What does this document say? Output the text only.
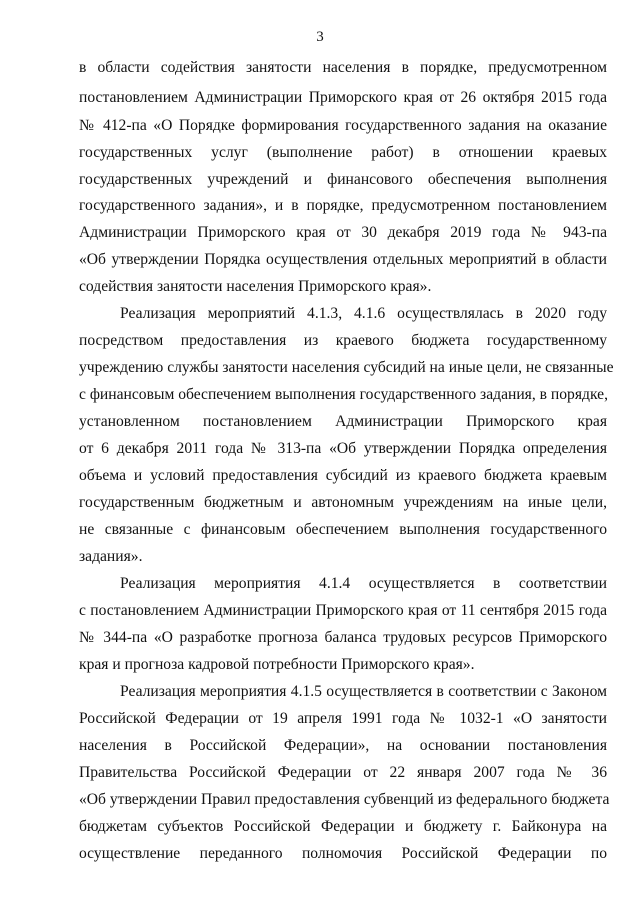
3
в области содействия занятости населения в порядке, предусмотренном
постановлением Администрации Приморского края от 26 октября 2015 года
№ 412-па «О Порядке формирования государственного задания на оказание
государственных услуг (выполнение работ) в отношении краевых
государственных учреждений и финансового обеспечения выполнения
государственного задания», и в порядке, предусмотренном постановлением
Администрации Приморского края от 30 декабря 2019 года № 943-па
«Об утверждении Порядка осуществления отдельных мероприятий в области
содействия занятости населения Приморского края».
Реализация мероприятий 4.1.3, 4.1.6 осуществлялась в 2020 году
посредством предоставления из краевого бюджета государственному
учреждению службы занятости населения субсидий на иные цели, не связанные
с финансовым обеспечением выполнения государственного задания, в порядке,
установленном постановлением Администрации Приморского края
от 6 декабря 2011 года № 313-па «Об утверждении Порядка определения
объема и условий предоставления субсидий из краевого бюджета краевым
государственным бюджетным и автономным учреждениям на иные цели,
не связанные с финансовым обеспечением выполнения государственного
задания».
Реализация мероприятия 4.1.4 осуществляется в соответствии
с постановлением Администрации Приморского края от 11 сентября 2015 года
№ 344-па «О разработке прогноза баланса трудовых ресурсов Приморского
края и прогноза кадровой потребности Приморского края».
Реализация мероприятия 4.1.5 осуществляется в соответствии с Законом
Российской Федерации от 19 апреля 1991 года № 1032-1 «О занятости
населения в Российской Федерации», на основании постановления
Правительства Российской Федерации от 22 января 2007 года № 36
«Об утверждении Правил предоставления субвенций из федерального бюджета
бюджетам субъектов Российской Федерации и бюджету г. Байконура на
осуществление переданного полномочия Российской Федерации по
